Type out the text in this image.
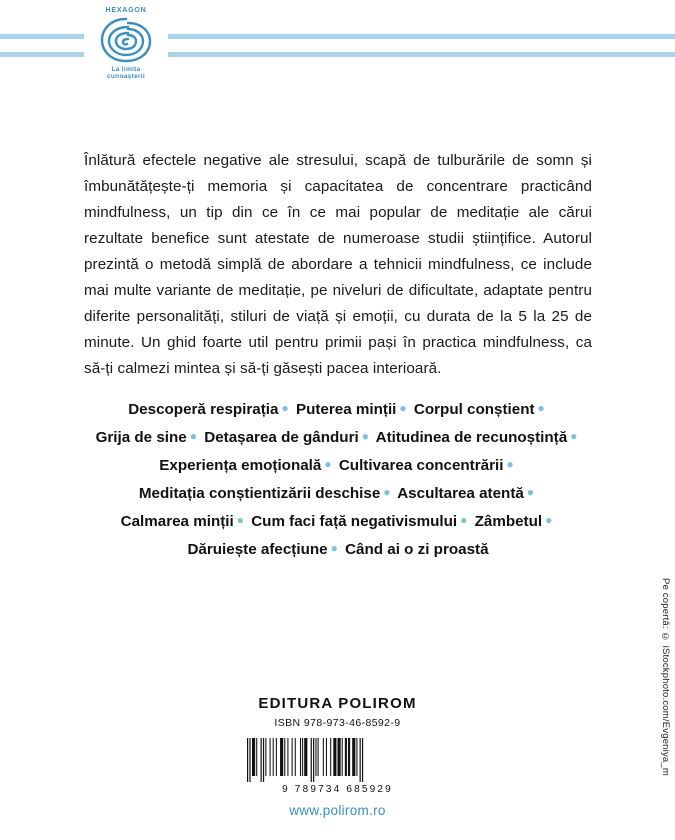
HEXAGON
La limita
cunoașterii
Înlătură efectele negative ale stresului, scapă de tulburările de somn și îmbunătățește-ți memoria și capacitatea de concentrare practicând mindfulness, un tip din ce în ce mai popular de meditație ale cărui rezultate benefice sunt atestate de numeroase studii științifice. Autorul prezintă o metodă simplă de abordare a tehnicii mindfulness, ce include mai multe variante de meditație, pe niveluri de dificultate, adaptate pentru diferite personalități, stiluri de viață și emoții, cu durata de la 5 la 25 de minute. Un ghid foarte util pentru primii pași în practica mindfulness, ca să-ți calmezi mintea și să-ți găsești pacea interioară.
Descoperă respirația ● Puterea minții ● Corpul conștient ● Grija de sine ● Detașarea de gânduri ● Atitudinea de recunoștință ● Experiența emoțională ● Cultivarea concentrării ● Meditația conștientizării deschise ● Ascultarea atentă ● Calmarea minții ● Cum faci față negativismului ● Zâmbetul ● Dăruiește afecțiune ● Când ai o zi proastă
EDITURA POLIROM
ISBN 978-973-46-8592-9
9 789734 685929
www.polirom.ro
Pe copertă: © iStockphoto.com/Evgeniya_m
